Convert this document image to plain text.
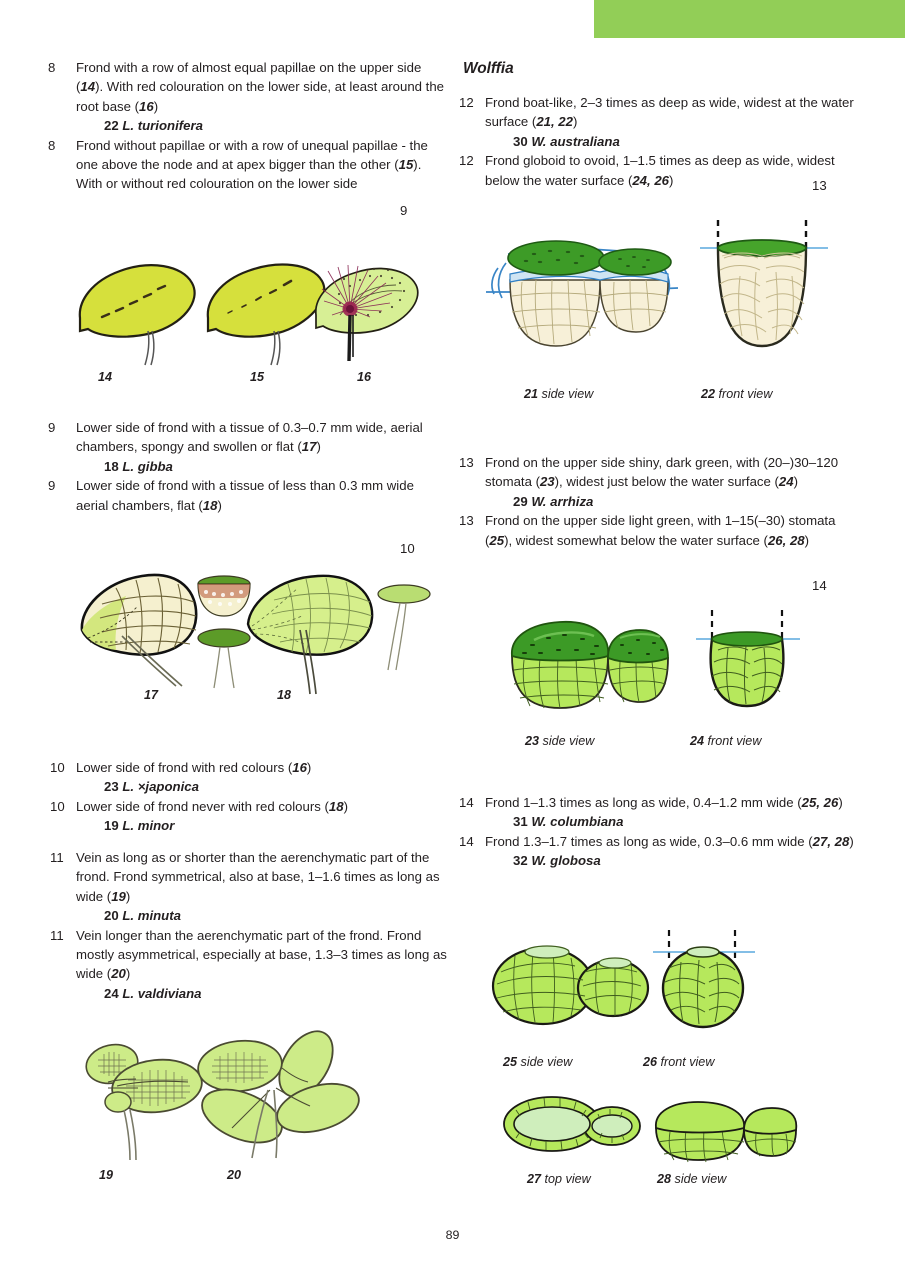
8	Frond with a row of almost equal papillae on the upper side (14). With red colouration on the lower side, at least around the root base (16)

22 L. turionifera

8	Frond without papillae or with a row of unequal papillae - the one above the node and at apex bigger than the other (15). With or without red colouration on the lower side

9
14	15	16

9	Lower side of frond with a tissue of 0.3–0.7 mm wide, aerial chambers, spongy and swollen or flat (17)

18 L. gibba

9	Lower side of frond with a tissue of less than 0.3 mm wide aerial chambers, flat (18)

10
17	18

10 Lower side of frond with red colours (16)

23 L. ×japonica

10 Lower side of frond never with red colours (18)

19 L. minor

11 Vein as long as or shorter than the aerenchymatic part of the frond. Frond symmetrical, also at base, 1–1.6 times as long as wide (19)

20 L. minuta

11 Vein longer than the aerenchymatic part of the frond. Frond mostly asymmetrical, especially at base, 1.3–3 times as long as wide (20)

24 L. valdiviana

19	20
Wolffia

12 Frond boat-like, 2–3 times as deep as wide, widest at the water surface (21, 22)

30 W. australiana

12 Frond globoid to ovoid, 1–1.5 times as deep as wide, widest below the water surface (24, 26)	13
21 side view	22 front view

13 Frond on the upper side shiny, dark green, with (20–)30–120 stomata (23), widest just below the water surface (24)

29 W. arrhiza

13 Frond on the upper side light green, with 1–15(–30) stomata (25), widest somewhat below the water surface (26, 28)

14
23 side view	24 front view

14 Frond 1–1.3 times as long as wide, 0.4–1.2 mm wide (25, 26)

31 W. columbiana

14 Frond 1.3–1.7 times as long as wide, 0.3–0.6 mm wide (27, 28)

32 W. globosa

25 side view	26 front view
27 top view	28 side view
89
